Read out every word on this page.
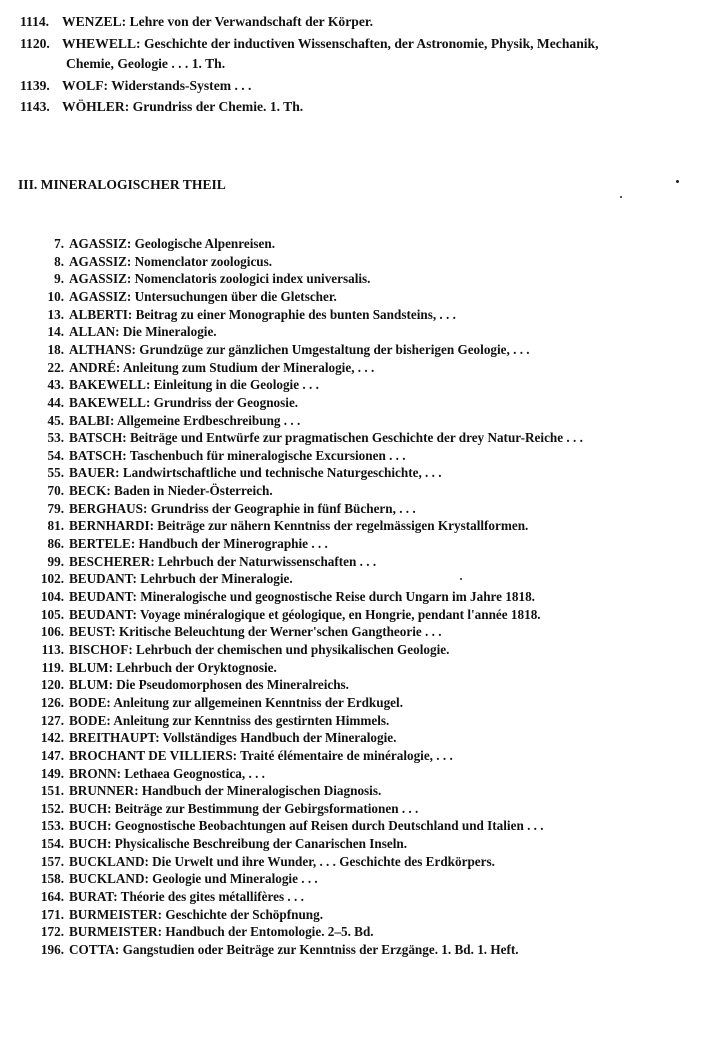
1114. WENZEL: Lehre von der Verwandschaft der Körper.
1120. WHEWELL: Geschichte der inductiven Wissenschaften, der Astronomie, Physik, Mechanik,
Chemie, Geologie . . . 1. Th.
1139. WOLF: Widerstands-System . . .
1143. WÖHLER: Grundriss der Chemie. 1. Th.
III. MINERALOGISCHER THEIL
7. AGASSIZ: Geologische Alpenreisen.
8. AGASSIZ: Nomenclator zoologicus.
9. AGASSIZ: Nomenclatoris zoologici index universalis.
10. AGASSIZ: Untersuchungen über die Gletscher.
13. ALBERTI: Beitrag zu einer Monographie des bunten Sandsteins, . . .
14. ALLAN: Die Mineralogie.
18. ALTHANS: Grundzüge zur gänzlichen Umgestaltung der bisherigen Geologie, . . .
22. ANDRÉ: Anleitung zum Studium der Mineralogie, . . .
43. BAKEWELL: Einleitung in die Geologie . . .
44. BAKEWELL: Grundriss der Geognosie.
45. BALBI: Allgemeine Erdbeschreibung . . .
53. BATSCH: Beiträge und Entwürfe zur pragmatischen Geschichte der drey Natur-Reiche . . .
54. BATSCH: Taschenbuch für mineralogische Excursionen . . .
55. BAUER: Landwirtschaftliche und technische Naturgeschichte, . . .
70. BECK: Baden in Nieder-Österreich.
79. BERGHAUS: Grundriss der Geographie in fünf Büchern, . . .
81. BERNHARDI: Beiträge zur nähern Kenntniss der regelmässigen Krystallformen.
86. BERTELE: Handbuch der Minerographie . . .
99. BESCHERER: Lehrbuch der Naturwissenschaften . . .
102. BEUDANT: Lehrbuch der Mineralogie.
104. BEUDANT: Mineralogische und geognostische Reise durch Ungarn im Jahre 1818.
105. BEUDANT: Voyage minéralogique et géologique, en Hongrie, pendant l'année 1818.
106. BEUST: Kritische Beleuchtung der Werner'schen Gangtheorie . . .
113. BISCHOF: Lehrbuch der chemischen und physikalischen Geologie.
119. BLUM: Lehrbuch der Oryktognosie.
120. BLUM: Die Pseudomorphosen des Mineralreichs.
126. BODE: Anleitung zur allgemeinen Kenntniss der Erdkugel.
127. BODE: Anleitung zur Kenntniss des gestirnten Himmels.
142. BREITHAUPT: Vollständiges Handbuch der Mineralogie.
147. BROCHANT DE VILLIERS: Traité élémentaire de minéralogie, . . .
149. BRONN: Lethaea Geognostica, . . .
151. BRUNNER: Handbuch der Mineralogischen Diagnosis.
152. BUCH: Beiträge zur Bestimmung der Gebirgsformationen . . .
153. BUCH: Geognostische Beobachtungen auf Reisen durch Deutschland und Italien . . .
154. BUCH: Physicalische Beschreibung der Canarischen Inseln.
157. BUCKLAND: Die Urwelt und ihre Wunder, . . . Geschichte des Erdkörpers.
158. BUCKLAND: Geologie und Mineralogie . . .
164. BURAT: Théorie des gites métallifères . . .
171. BURMEISTER: Geschichte der Schöpfnung.
172. BURMEISTER: Handbuch der Entomologie. 2–5. Bd.
196. COTTA: Gangstudien oder Beiträge zur Kenntniss der Erzgänge. 1. Bd. 1. Heft.
